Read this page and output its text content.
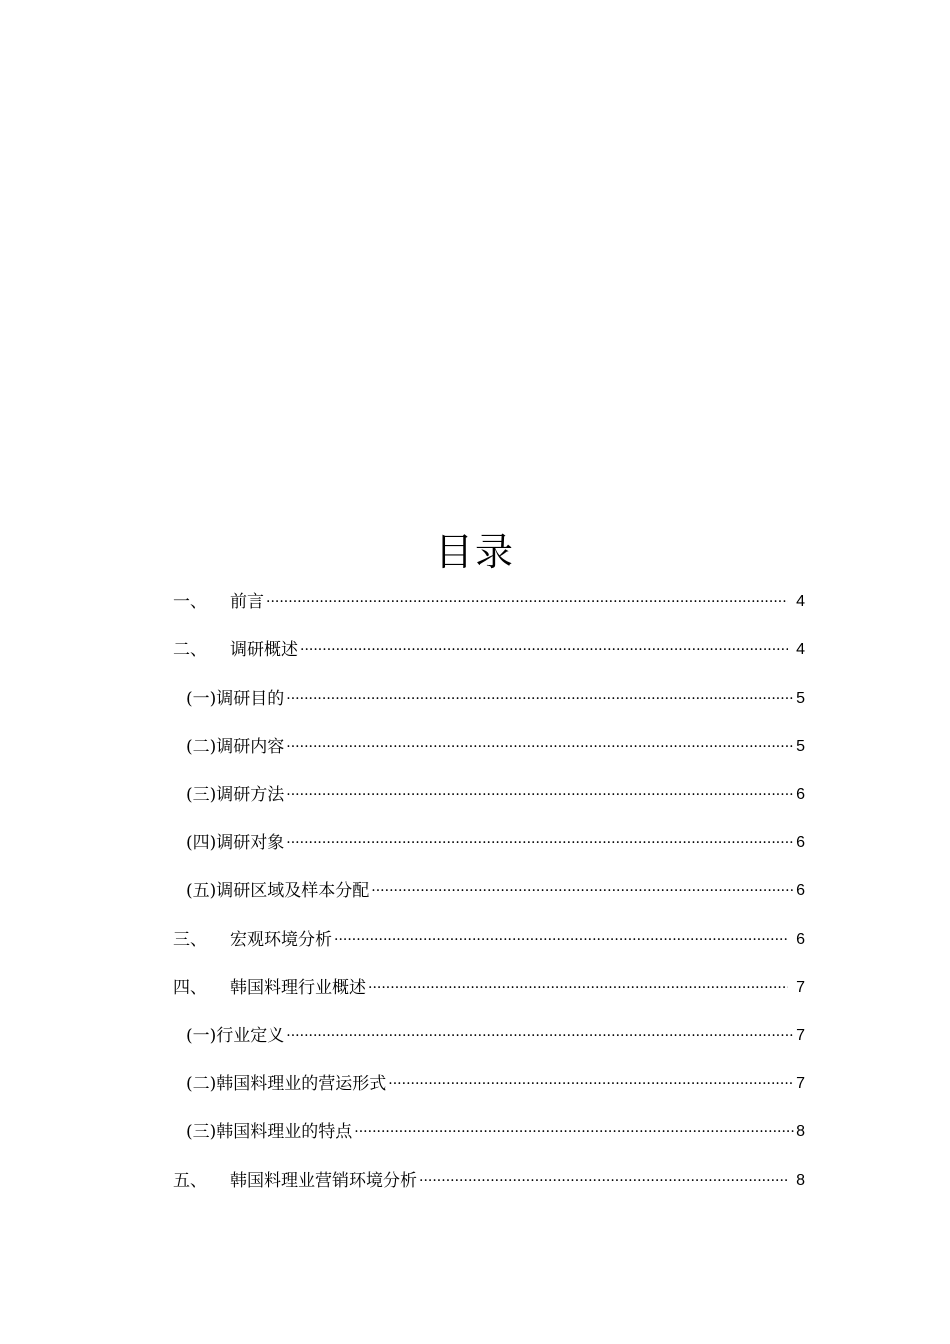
目录
一、	前言 ·····	4
二、	调研概述 ·····	4
(一) 调研目的 ·····	5
(二) 调研内容 ·····	5
(三) 调研方法 ·····	6
(四) 调研对象 ·····	6
(五) 调研区域及样本分配 ·····	6
三、	宏观环境分析 ·····	6
四、	韩国料理行业概述 ·····	7
(一) 行业定义 ·····	7
(二) 韩国料理业的营运形式 ·····	7
(三) 韩国料理业的特点 ·····	8
五、	韩国料理业营销环境分析 ·····	8
